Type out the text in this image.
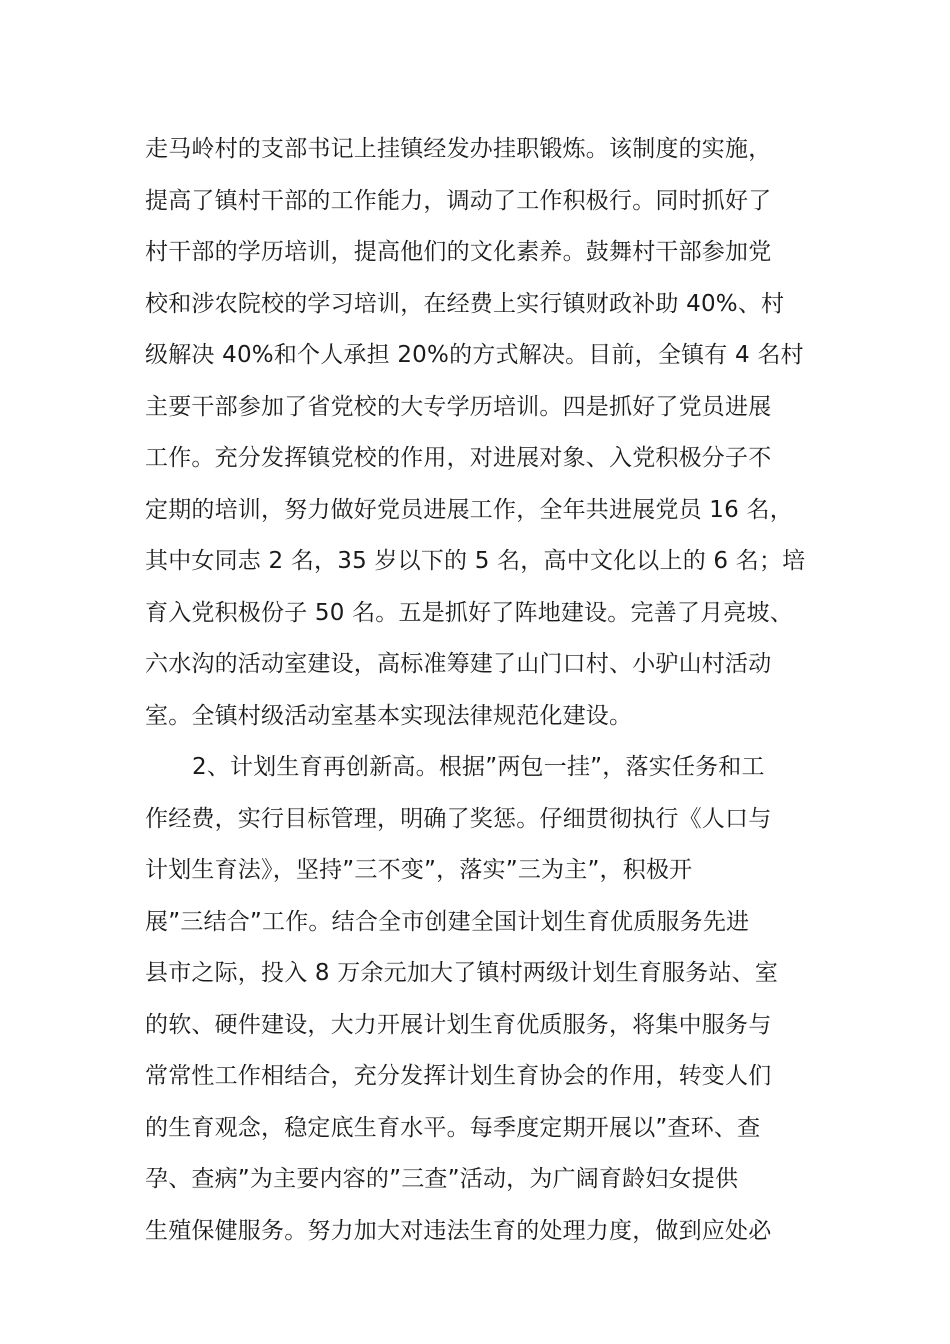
走马岭村的支部书记上挂镇经发办挂职锻炼。该制度的实施，
提高了镇村干部的工作能力，调动了工作积极行。同时抓好了
村干部的学历培训，提高他们的文化素养。鼓舞村干部参加党
校和涉农院校的学习培训，在经费上实行镇财政补助 40%、村
级解决 40%和个人承担 20%的方式解决。目前，全镇有 4 名村
主要干部参加了省党校的大专学历培训。四是抓好了党员进展
工作。充分发挥镇党校的作用，对进展对象、入党积极分子不
定期的培训，努力做好党员进展工作，全年共进展党员 16 名，
其中女同志 2 名，35 岁以下的 5 名，高中文化以上的 6 名；培
育入党积极份子 50 名。五是抓好了阵地建设。完善了月亮坡、
六水沟的活动室建设，高标准筹建了山门口村、小驴山村活动
室。全镇村级活动室基本实现法律规范化建设。
2、计划生育再创新高。根据”两包一挂”，落实任务和工
作经费，实行目标管理，明确了奖惩。仔细贯彻执行《人口与
计划生育法》，坚持”三不变”，落实”三为主”，积极开
展”三结合”工作。结合全市创建全国计划生育优质服务先进
县市之际，投入 8 万余元加大了镇村两级计划生育服务站、室
的软、硬件建设，大力开展计划生育优质服务，将集中服务与
常常性工作相结合，充分发挥计划生育协会的作用，转变人们
的生育观念，稳定底生育水平。每季度定期开展以”查环、查
孕、查病”为主要内容的”三查”活动，为广阔育龄妇女提供
生殖保健服务。努力加大对违法生育的处理力度，做到应处必
